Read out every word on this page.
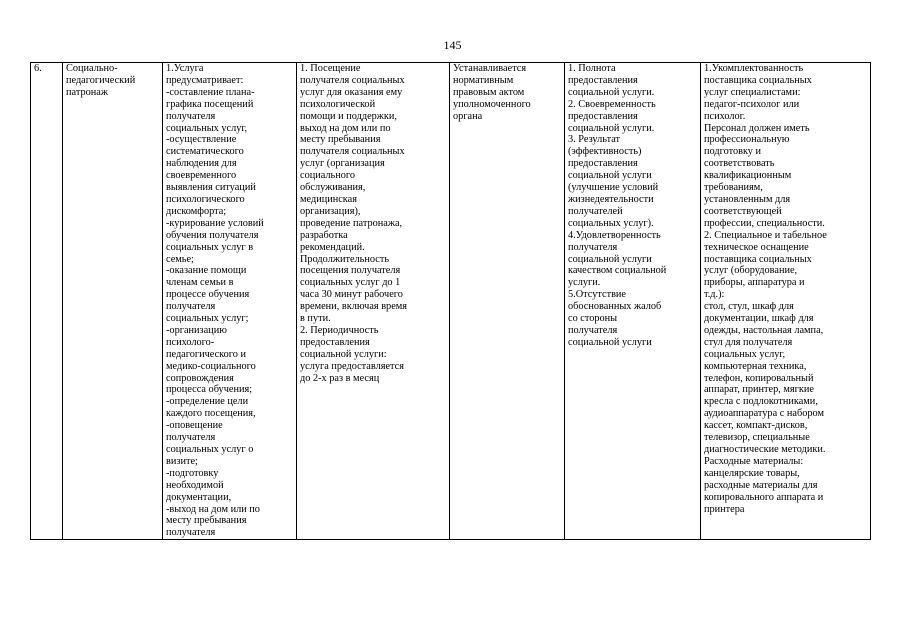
145
6.	Социально-
педагогический
патронаж

1.Услуга
предусматривает:
-составление плана-
графика посещений
получателя
социальных услуг,
-осуществление
систематического
наблюдения для
своевременного
выявления ситуаций
психологического
дискомфорта;
-курирование условий
обучения получателя
социальных услуг в
семье;
-оказание помощи
членам семьи в
процессе обучения
получателя
социальных услуг;
-организацию
психолого-
педагогического и
медико-социального
сопровождения
процесса обучения;
-определение цели
каждого посещения,
-оповещение
получателя
социальных услуг о
визите;
-подготовку
необходимой
документации,
-выход на дом или по
месту пребывания
получателя

1. Посещение
получателя социальных
услуг для оказания ему
психологической
помощи и поддержки,
выход на дом или по
месту пребывания
получателя социальных
услуг (организация
социального
обслуживания,
медицинская
организация),
проведение патронажа,
разработка
рекомендаций.
Продолжительность
посещения получателя
социальных услуг до 1
часа 30 минут рабочего
времени, включая время
в пути.
2. Периодичность
предоставления
социальной услуги:
услуга предоставляется
до 2-х раз в месяц

Устанавливается
нормативным
правовым актом
уполномоченного
органа

1. Полнота
предоставления
социальной услуги.
2. Своевременность
предоставления
социальной услуги.
3. Результат
(эффективность)
предоставления
социальной услуги
(улучшение условий
жизнедеятельности
получателей
социальных услуг).
4.Удовлетворенность
получателя
социальной услуги
качеством социальной
услуги.
5.Отсутствие
обоснованных жалоб
со стороны
получателя
социальной услуги

1.Укомплектованность
поставщика социальных
услуг специалистами:
педагог-психолог или
психолог.
Персонал должен иметь
профессиональную
подготовку и
соответствовать
квалификационным
требованиям,
установленным для
соответствующей
профессии, специальности.
2. Специальное и табельное
техническое оснащение
поставщика социальных
услуг (оборудование,
приборы, аппаратура и
т.д.):
стол, стул, шкаф для
документации, шкаф для
одежды, настольная лампа,
стул для получателя
социальных услуг,
компьютерная техника,
телефон, копировальный
аппарат, принтер, мягкие
кресла с подлокотниками,
аудиоаппаратура с набором
кассет, компакт-дисков,
телевизор, специальные
диагностические методики.
Расходные материалы:
канцелярские товары,
расходные материалы для
копировального аппарата и
принтера
